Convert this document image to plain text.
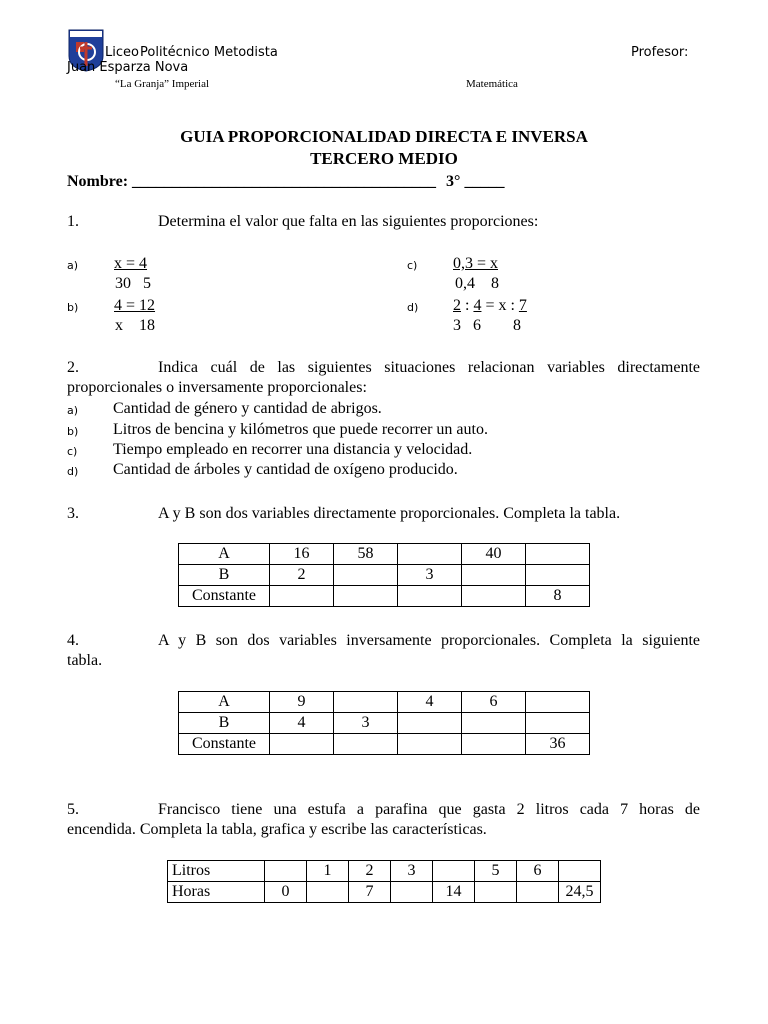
Liceo Politécnico Metodista	Profesor:
Juan Esparza Nova
“La Granja” Imperial	Matemática
GUIA PROPORCIONALIDAD DIRECTA E INVERSA
TERCERO MEDIO
Nombre: ______________________________________ 3° _____
1.	Determina el valor que falta en las siguientes proporciones:
a) x = 4
30   5
b) 4 = 12
x    18
c) 0,3 = x
0,4    8
d) 2 : 4 = x : 7
3   6        8
2.	Indica cuál de las siguientes situaciones relacionan variables directamente
proporcionales o inversamente proporcionales:
a) Cantidad de género y cantidad de abrigos.
b) Litros de bencina y kilómetros que puede recorrer un auto.
c) Tiempo empleado en recorrer una distancia y velocidad.
d) Cantidad de árboles y cantidad de oxígeno producido.
3.	A y B son dos variables directamente proporcionales. Completa la tabla.
A	16	58		40	
B	2		3		
Constante					8
4.	A y B son dos variables inversamente proporcionales. Completa la siguiente
tabla.
A	9		4	6	
B	4	3			
Constante					36
5.	Francisco tiene una estufa a parafina que gasta 2 litros cada 7 horas de
encendida. Completa la tabla, grafica y escribe las características.
Litros		1	2	3		5	6	
Horas	0		7		14			24,5
